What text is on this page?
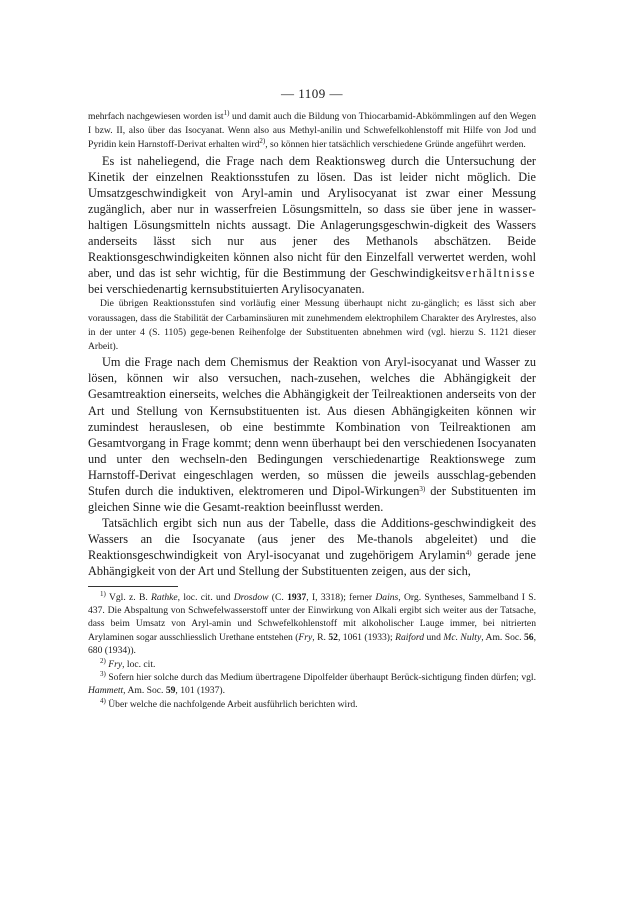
— 1109 —

mehrfach nachgewiesen worden ist$^{1)}$ und damit auch die Bildung von Thiocarbamid-Abkömmlingen auf den Wegen I bzw. II, also über das Isocyanat. Wenn also aus Methyl-anilin und Schwefelkohlenstoff mit Hilfe von Jod und Pyridin kein Harnstoff-Derivat erhalten wird$^{2)}$, so können hier tatsächlich verschiedene Gründe angeführt werden.

Es ist naheliegend, die Frage nach dem Reaktionsweg durch die Untersuchung der Kinetik der einzelnen Reaktionsstufen zu lösen. Das ist leider nicht möglich. Die Umsatzgeschwindigkeit von Aryl-amin und Arylisocyanat ist zwar einer Messung zugänglich, aber nur in wasserfreien Lösungsmitteln, so dass sie über jene in wasser-haltigen Lösungsmitteln nichts aussagt. Die Anlagerungsgeschwin-digkeit des Wassers anderseits lässt sich nur aus jener des Methanols abschätzen. Beide Reaktionsgeschwindigkeiten können also nicht für den Einzelfall verwertet werden, wohl aber, und das ist sehr wichtig, für die Bestimmung der Geschwindigkeitsverhältnisse bei verschiedenartig kernsubstituierten Arylisocyanaten.

Die übrigen Reaktionsstufen sind vorläufig einer Messung überhaupt nicht zu-gänglich; es lässt sich aber voraussagen, dass die Stabilität der Carbaminsäuren mit zunehmendem elektrophilem Charakter des Arylrestes, also in der unter 4 (S. 1105) gege-benen Reihenfolge der Substituenten abnehmen wird (vgl. hierzu S. 1121 dieser Arbeit).

Um die Frage nach dem Chemismus der Reaktion von Aryl-isocyanat und Wasser zu lösen, können wir also versuchen, nach-zusehen, welches die Abhängigkeit der Gesamtreaktion einerseits, welches die Abhängigkeit der Teilreaktionen anderseits von der Art und Stellung von Kernsubstituenten ist. Aus diesen Abhängigkeiten können wir zumindest herauslesen, ob eine bestimmte Kombination von Teilreaktionen am Gesamtvorgang in Frage kommt; denn wenn überhaupt bei den verschiedenen Isocyanaten und unter den wechseln-den Bedingungen verschiedenartige Reaktionswege zum Harnstoff-Derivat eingeschlagen werden, so müssen die jeweils ausschlag-gebenden Stufen durch die induktiven, elektromeren und Dipol-Wirkungen$^{3)}$ der Substituenten im gleichen Sinne wie die Gesamt-reaktion beeinflusst werden.

Tatsächlich ergibt sich nun aus der Tabelle, dass die Additions-geschwindigkeit des Wassers an die Isocyanate (aus jener des Me-thanols abgeleitet) und die Reaktionsgeschwindigkeit von Aryl-isocyanat und zugehörigem Arylamin$^{4)}$ gerade jene Abhängigkeit von der Art und Stellung der Substituenten zeigen, aus der sich,

$^{1)}$ Vgl. z. B. Rathke, loc. cit. und Drosdow (C. 1937, I, 3318); ferner Dains, Org. Syntheses, Sammelband I S. 437. Die Abspaltung von Schwefelwasserstoff unter der Einwirkung von Alkali ergibt sich weiter aus der Tatsache, dass beim Umsatz von Aryl-amin und Schwefelkohlenstoff mit alkoholischer Lauge immer, bei nitrierten Arylaminen sogar ausschliesslich Urethane entstehen (Fry, R. 52, 1061 (1933); Raiford und Mc. Nulty, Am. Soc. 56, 680 (1934)).

$^{2)}$ Fry, loc. cit.

$^{3)}$ Sofern hier solche durch das Medium übertragene Dipolfelder überhaupt Berück-sichtigung finden dürfen; vgl. Hammett, Am. Soc. 59, 101 (1937).

$^{4)}$ Über welche die nachfolgende Arbeit ausführlich berichten wird.
